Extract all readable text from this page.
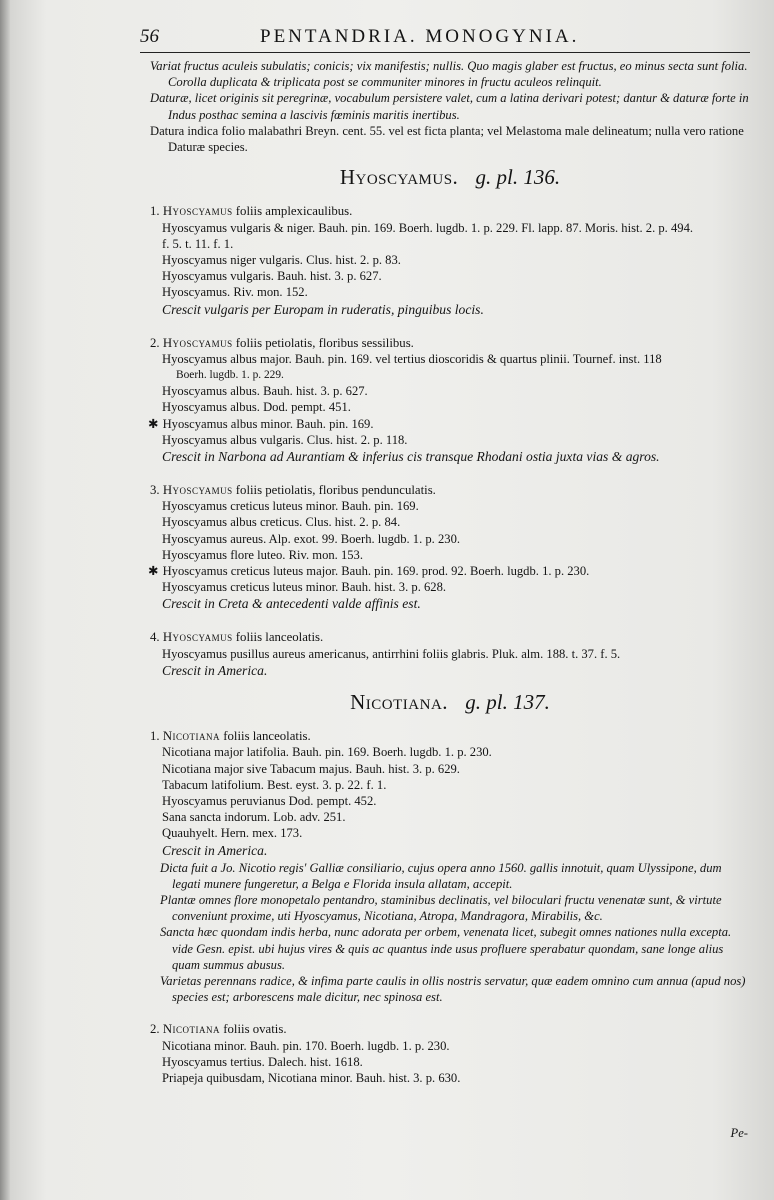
56	PENTANDRIA. MONOGYNIA.

Variat fructus aculeis subulatis; conicis; vix manifestis; nullis. Quo magis glaber est fructus, eo minus secta sunt folia. Corolla duplicata & triplicata post se communiter minores in fructu aculeos relinquit.

Daturæ, licet originis sit peregrinæ, vocabulum persistere valet, cum a latina derivari potest; dantur & daturæ forte in Indus posthac semina a lascivis fœminis maritis inertibus.

Datura indica folio malabathri Breyn. cent. 55. vel est ficta planta; vel Melastoma male delineatum; nulla vero ratione Daturæ species.

Hyoscyamus. g. pl. 136.

1. Hyoscyamus foliis amplexicaulibus.

Hyoscyamus vulgaris & niger. Bauh. pin. 169. Boerh. lugdb. 1. p. 229. Fl. lapp. 87. Moris. hist. 2. p. 494.

f. 5. t. 11. f. 1.

Hyoscyamus niger vulgaris. Clus. hist. 2. p. 83.

Hyoscyamus vulgaris. Bauh. hist. 3. p. 627.

Hyoscyamus. Riv. mon. 152.

Crescit vulgaris per Europam in ruderatis, pinguibus locis.

2. Hyoscyamus foliis petiolatis, floribus sessilibus.

Hyoscyamus albus major. Bauh. pin. 169. vel tertius dioscoridis & quartus plinii. Tournef. inst. 118

Boerh. lugdb. 1. p. 229.

Hyoscyamus albus. Bauh. hist. 3. p. 627.

Hyoscyamus albus. Dod. pempt. 451.

✱ Hyoscyamus albus minor. Bauh. pin. 169.

Hyoscyamus albus vulgaris. Clus. hist. 2. p. 118.

Crescit in Narbona ad Aurantiam & inferius cis transque Rhodani ostia juxta vias & agros.

3. Hyoscyamus foliis petiolatis, floribus pendunculatis.

Hyoscyamus creticus luteus minor. Bauh. pin. 169.

Hyoscyamus albus creticus. Clus. hist. 2. p. 84.

Hyoscyamus aureus. Alp. exot. 99. Boerh. lugdb. 1. p. 230.

Hyoscyamus flore luteo. Riv. mon. 153.

✱ Hyoscyamus creticus luteus major. Bauh. pin. 169. prod. 92. Boerh. lugdb. 1. p. 230.

Hyoscyamus creticus luteus minor. Bauh. hist. 3. p. 628.

Crescit in Creta & antecedenti valde affinis est.

4. Hyoscyamus foliis lanceolatis.

Hyoscyamus pusillus aureus americanus, antirrhini foliis glabris. Pluk. alm. 188. t. 37. f. 5.

Crescit in America.

Nicotiana. g. pl. 137.

1. Nicotiana foliis lanceolatis.

Nicotiana major latifolia. Bauh. pin. 169. Boerh. lugdb. 1. p. 230.

Nicotiana major sive Tabacum majus. Bauh. hist. 3. p. 629.

Tabacum latifolium. Best. eyst. 3. p. 22. f. 1.

Hyoscyamus peruvianus Dod. pempt. 452.

Sana sancta indorum. Lob. adv. 251.

Quauhyelt. Hern. mex. 173.

Crescit in America.

Dicta fuit a Jo. Nicotio regis' Galliæ consiliario, cujus opera anno 1560. gallis innotuit, quam Ulyssipone, dum legati munere fungeretur, a Belga e Florida insula allatam, accepit.

Plantæ omnes flore monopetalo pentandro, staminibus declinatis, vel biloculari fructu venenatæ sunt, & virtute conveniunt proxime, uti Hyoscyamus, Nicotiana, Atropa, Mandragora, Mirabilis, &c.

Sancta hæc quondam indis herba, nunc adorata per orbem, venenata licet, subegit omnes nationes nulla excepta. vide Gesn. epist. ubi hujus vires & quis ac quantus inde usus profluere sperabatur quondam, sane longe alius quam summus abusus.

Varietas perennans radice, & infima parte caulis in ollis nostris servatur, quæ eadem omnino cum annua (apud nos) species est; arborescens male dicitur, nec spinosa est.

2. Nicotiana foliis ovatis.

Nicotiana minor. Bauh. pin. 170. Boerh. lugdb. 1. p. 230.

Hyoscyamus tertius. Dalech. hist. 1618.

Priapeja quibusdam, Nicotiana minor. Bauh. hist. 3. p. 630.

Pe-
